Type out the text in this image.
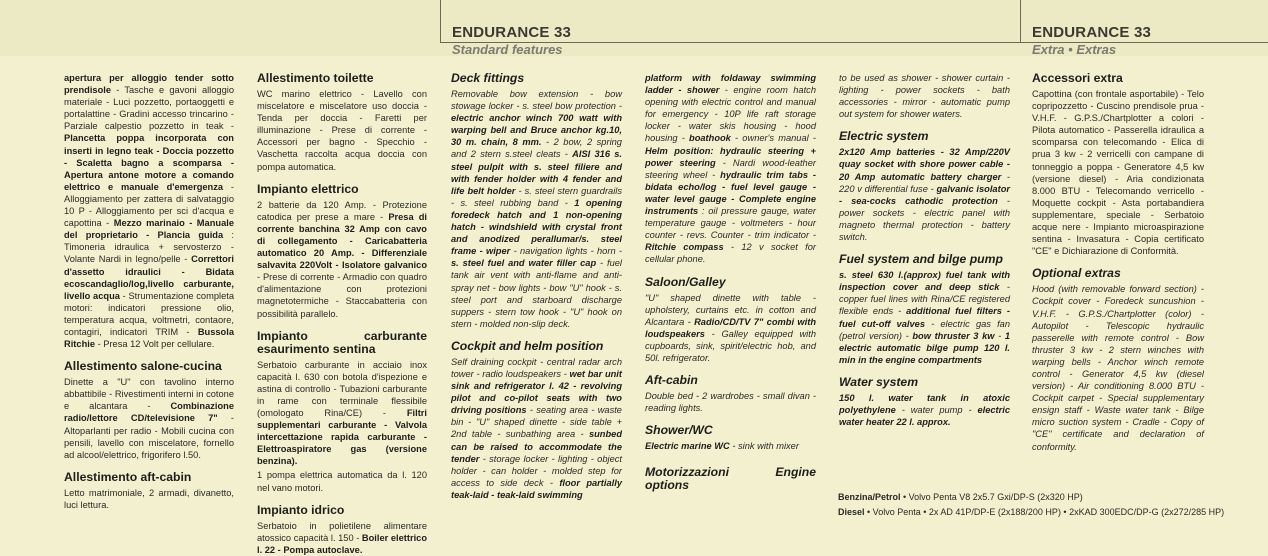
ENDURANCE 33
Standard features
ENDURANCE 33
Extra • Extras

apertura per alloggio tender sotto prendisole - Tasche e gavoni alloggio materiale - Luci pozzetto, portaoggetti e portalattine - Gradini accesso trincarino - Parziale calpestio pozzetto in teak - Plancetta poppa incorporata con inserti in legno teak - Doccia pozzetto - Scaletta bagno a scomparsa - Apertura antone motore a comando elettrico e manuale d'emergenza - Alloggiamento per zattera di salvataggio 10 P - Alloggiamento per sci d'acqua e capottina - Mezzo marinaio - Manuale del proprietario - Plancia guida : Timoneria idraulica + servosterzo - Volante Nardi in legno/pelle - Correttori d'assetto idraulici - Bidata ecoscandaglio/log,livello carburante, livello acqua - Strumentazione completa motori: indicatori pressione olio, temperatura acqua, voltmetri, contaore, contagiri, indicatori TRIM - Bussola Ritchie - Presa 12 Volt per cellulare.

Allestimento salone-cucina

Dinette a "U" con tavolino interno abbattibile - Rivestimenti interni in cotone e alcantara - Combinazione radio/lettore CD/televisione 7" - Altoparlanti per radio - Mobili cucina con pensili, lavello con miscelatore, fornello ad alcool/elettrico, frigorifero l.50.

Allestimento aft-cabin

Letto matrimoniale, 2 armadi, divanetto, luci lettura.

Allestimento toilette

WC marino elettrico - Lavello con miscelatore e miscelatore uso doccia - Tenda per doccia - Faretti per illuminazione - Prese di corrente - Accessori per bagno - Specchio - Vaschetta raccolta acqua doccia con pompa automatica.

Impianto elettrico

2 batterie da 120 Amp. - Protezione catodica per prese a mare - Presa di corrente banchina 32 Amp con cavo di collegamento - Caricabatteria automatico 20 Amp. - Differenziale salvavita 220Volt - Isolatore galvanico - Prese di corrente - Armadio con quadro d'alimentazione con protezioni magnetotermiche - Staccabatteria con possibilità parallelo.

Impianto carburante esaurimento sentina

Serbatoio carburante in acciaio inox capacità l. 630 con botola d'ispezione e astina di controllo - Tubazioni carburante in rame con terminale flessibile (omologato Rina/CE) - Filtri supplementari carburante - Valvola intercettazione rapida carburante - Elettroaspiratore gas (versione benzina).

1 pompa elettrica automatica da l. 120 nel vano motori.

Impianto idrico

Serbatoio in polietilene alimentare atossico capacità l. 150 - Boiler elettrico l. 22 - Pompa autoclave.

Deck fittings

Removable bow extension - bow stowage locker - s. steel bow protection - electric anchor winch 700 watt with warping bell and Bruce anchor kg.10, 30 m. chain, 8 mm. - 2 bow, 2 spring and 2 stern s.steel cleats - AISI 316 s. steel pulpit with s. steel filiere and with fender holder with 4 fender and life belt holder - s. steel stern guardrails - s. steel rubbing band - 1 opening foredeck hatch and 1 non-opening hatch - windshield with crystal front and anodized perallumar/s. steel frame - wiper - navigation lights - horn - s. steel fuel and water filler cap - fuel tank air vent with anti-flame and anti-spray net - bow lights - bow "U" hook - s. steel port and starboard discharge suppers - stern tow hook - "U" hook on stern - molded non-slip deck.

Cockpit and helm position

Self draining cockpit - central radar arch tower - radio loudspeakers - wet bar unit sink and refrigerator l. 42 - revolving pilot and co-pilot seats with two driving positions - seating area - waste bin - "U" shaped dinette - side table + 2nd table - sunbathing area - sunbed can be raised to accommodate the tender - storage locker - lighting - object holder - can holder - molded step for access to side deck - floor partially teak-laid - teak-laid swimming

platform with foldaway swimming ladder - shower - engine room hatch opening with electric control and manual for emergency - 10P life raft storage locker - water skis housing - hood housing - boathook - owner's manual - Helm position: hydraulic steering + power steering - Nardi wood-leather steering wheel - hydraulic trim tabs - bidata echo/log - fuel level gauge - water level gauge - Complete engine instruments : oil pressure gauge, water temperature gauge - voltmeters - hour counter - revs. Counter - trim indicator - Ritchie compass - 12 v socket for cellular phone.

Saloon/Galley

"U" shaped dinette with table - upholstery, curtains etc. in cotton and Alcantara - Radio/CD/TV 7" combi with loudspeakers - Galley equipped with cupboards, sink, spirit/electric hob, and 50l. refrigerator.

Aft-cabin

Double bed - 2 wardrobes - small divan - reading lights.

Shower/WC

Electric marine WC - sink with mixer

Motorizzazioni Engine options

to be used as shower - shower curtain - lighting - power sockets - bath accessories - mirror - automatic pump out system for shower waters.

Electric system

2x120 Amp batteries - 32 Amp/220V quay socket with shore power cable - 20 Amp automatic battery charger - 220 v differential fuse - galvanic isolator - sea-cocks cathodic protection - power sockets - electric panel with magneto thermal protection - battery switch.

Fuel system and bilge pump

s. steel 630 l.(approx) fuel tank with inspection cover and deep stick - copper fuel lines with Rina/CE registered flexible ends - additional fuel filters - fuel cut-off valves - electric gas fan (petrol version) - bow thruster 3 kw - 1 electric automatic bilge pump 120 l. min in the engine compartments

Water system

150 l. water tank in atoxic polyethylene - water pump - electric water heater 22 l. approx.

Accessori extra

Capottina (con frontale asportabile) - Telo copripozzetto - Cuscino prendisole prua - V.H.F. - G.P.S./Chartplotter a colori - Pilota automatico - Passerella idraulica a scomparsa con telecomando - Elica di prua 3 kw - 2 verricelli con campane di tonneggio a poppa - Generatore 4,5 kw (versione diesel) - Aria condizionata 8.000 BTU - Telecomando verricello - Moquette cockpit - Asta portabandiera supplementare, speciale - Serbatoio acque nere - Impianto microaspirazione sentina - Invasatura - Copia certificato "CE" e Dichiarazione di Conformità.

Optional extras

Hood (with removable forward section) - Cockpit cover - Foredeck suncushion - V.H.F. - G.P.S./Chartplotter (color) - Autopilot - Telescopic hydraulic passerelle with remote control - Bow thruster 3 kw - 2 stern winches with warping bells - Anchor winch remote control - Generator 4,5 kw (diesel version) - Air conditioning 8.000 BTU - Cockpit carpet - Special supplementary ensign staff - Waste water tank - Bilge micro suction system - Cradle - Copy of "CE" certificate and declaration of conformity.

Benzina/Petrol • Volvo Penta V8 2x5.7 Gxi/DP-S (2x320 HP)
Diesel • Volvo Penta • 2x AD 41P/DP-E (2x188/200 HP) • 2xKAD 300EDC/DP-G (2x272/285 HP)
